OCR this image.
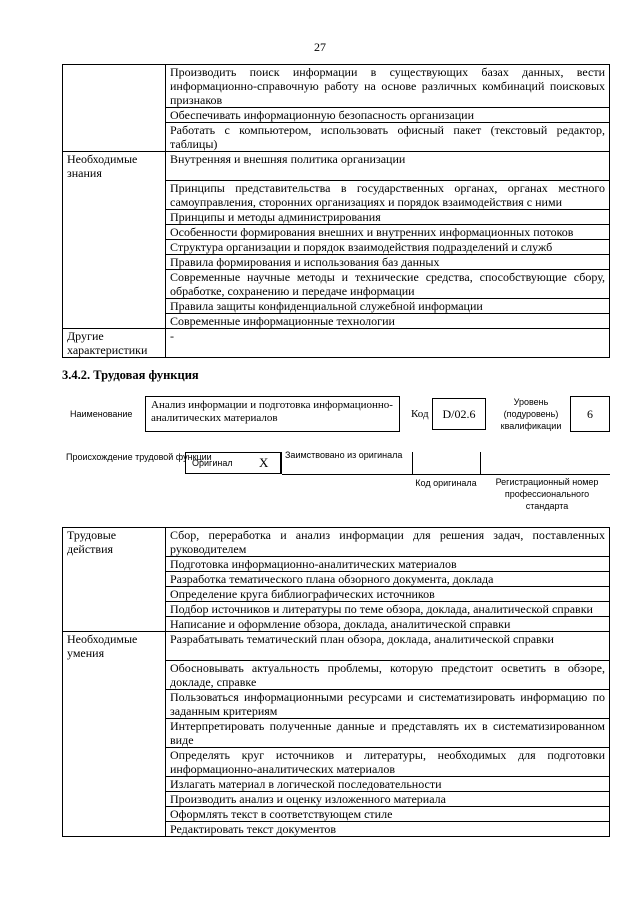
27
	Производить поиск информации в существующих базах данных, вести информационно-справочную работу на основе различных комбинаций поисковых признаков
	Обеспечивать информационную безопасность организации
	Работать с компьютером, использовать офисный пакет (текстовый редактор, таблицы)
Необходимые знания	Внутренняя и внешняя политика организации
	Принципы представительства в государственных органах, органах местного самоуправления, сторонних организациях и порядок взаимодействия с ними
	Принципы и методы администрирования
	Особенности формирования внешних и внутренних информационных потоков
	Структура организации и порядок взаимодействия подразделений и служб
	Правила формирования и использования баз данных
	Современные научные методы и технические средства, способствующие сбору, обработке, сохранению и передаче информации
	Правила защиты конфиденциальной служебной информации
	Современные информационные технологии
Другие характеристики	-
3.4.2. Трудовая функция
Наименование
Анализ информации и подготовка информационно-аналитических материалов	Код	D/02.6
Уровень (подуровень) квалификации
6
Происхождение трудовой функции
Оригинал X Заимствовано из оригинала
Код оригинала	Регистрационный номер профессионального стандарта
Трудовые действия	Сбор, переработка и анализ информации для решения задач, поставленных руководителем
	Подготовка информационно-аналитических материалов
	Разработка тематического плана обзорного документа, доклада
	Определение круга библиографических источников
	Подбор источников и литературы по теме обзора, доклада, аналитической справки
	Написание и оформление обзора, доклада, аналитической справки
Необходимые умения	Разрабатывать тематический план обзора, доклада, аналитической справки
	Обосновывать актуальность проблемы, которую предстоит осветить в обзоре, докладе, справке
	Пользоваться информационными ресурсами и систематизировать информацию по заданным критериям
	Интерпретировать полученные данные и представлять их в систематизированном виде
	Определять круг источников и литературы, необходимых для подготовки информационно-аналитических материалов
	Излагать материал в логической последовательности
	Производить анализ и оценку изложенного материала
	Оформлять текст в соответствующем стиле
	Редактировать текст документов
